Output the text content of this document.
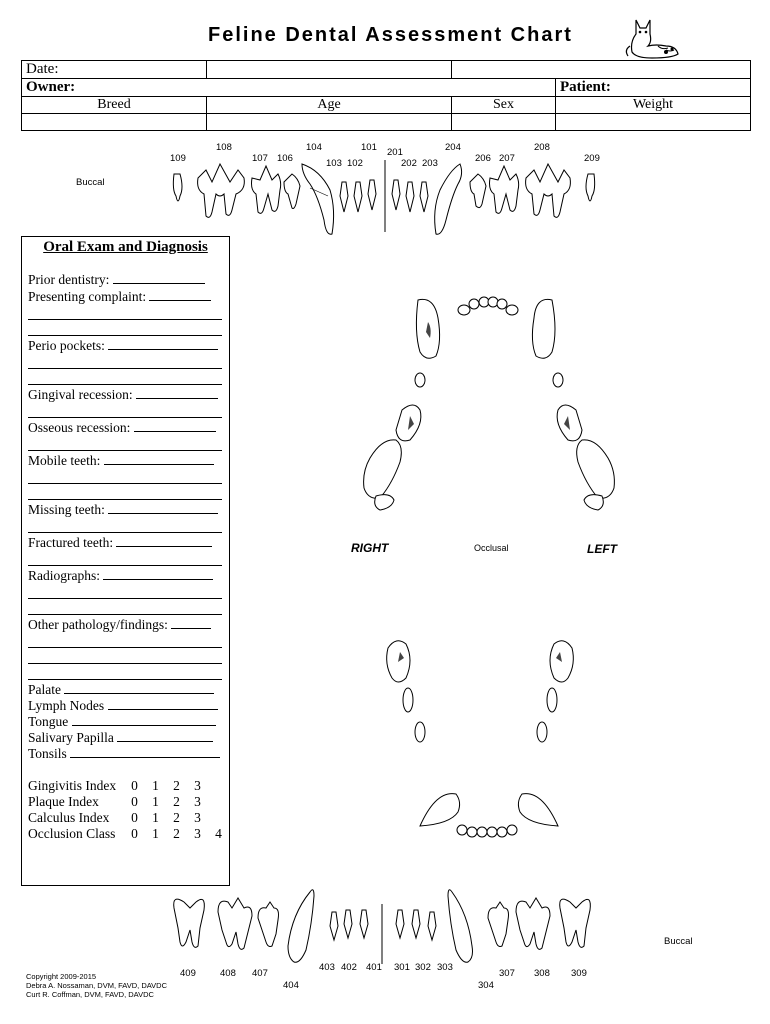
Feline Dental Assessment Chart
Date:			
Owner:			Patient:
Breed	Age	Sex	Weight

109
108
107 106
104
103 102
101 201
202 203
204
206 207
208
209
Buccal
Oral Exam and Diagnosis
Prior dentistry:
Presenting complaint:
Perio pockets:
Gingival recession:
Osseous recession:
Mobile teeth:
Missing teeth:
Fractured teeth:
Radiographs:
Other pathology/findings:
Palate
Lymph Nodes
Tongue
Salivary Papilla
Tonsils
Gingivitis Index 0 1 2 3
Plaque Index 0 1 2 3
Calculus Index 0 1 2 3
Occlusion Class 0 1 2 3 4
RIGHT	Occlusal	LEFT
409	408 407
404
403 402 401 301 302 303
304
307 308 309
Buccal
Copyright 2009-2015
Debra A. Nossaman, DVM, FAVD, DAVDC
Curt R. Coffman, DVM, FAVD, DAVDC
